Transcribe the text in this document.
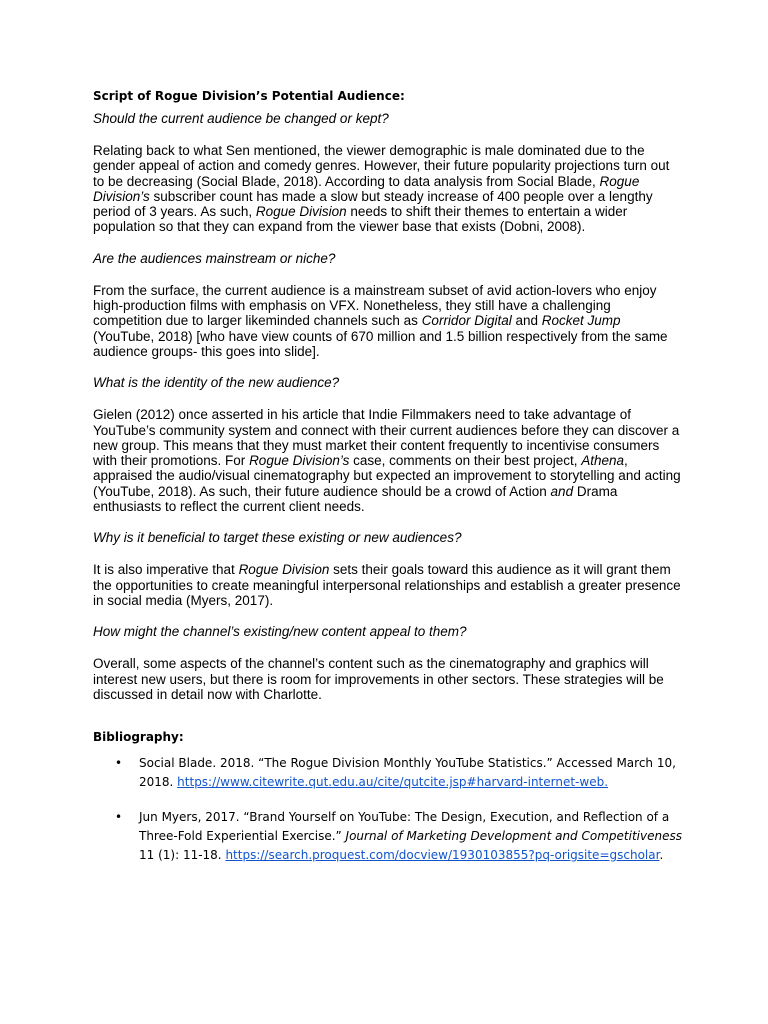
Script of Rogue Division’s Potential Audience:
Should the current audience be changed or kept?
Relating back to what Sen mentioned, the viewer demographic is male dominated due to the gender appeal of action and comedy genres. However, their future popularity projections turn out to be decreasing (Social Blade, 2018). According to data analysis from Social Blade, Rogue Division’s subscriber count has made a slow but steady increase of 400 people over a lengthy period of 3 years. As such, Rogue Division needs to shift their themes to entertain a wider population so that they can expand from the viewer base that exists (Dobni, 2008).
Are the audiences mainstream or niche?
From the surface, the current audience is a mainstream subset of avid action-lovers who enjoy high-production films with emphasis on VFX. Nonetheless, they still have a challenging competition due to larger likeminded channels such as Corridor Digital and Rocket Jump (YouTube, 2018) [who have view counts of 670 million and 1.5 billion respectively from the same audience groups- this goes into slide].
What is the identity of the new audience?
Gielen (2012) once asserted in his article that Indie Filmmakers need to take advantage of YouTube’s community system and connect with their current audiences before they can discover a new group. This means that they must market their content frequently to incentivise consumers with their promotions. For Rogue Division’s case, comments on their best project, Athena, appraised the audio/visual cinematography but expected an improvement to storytelling and acting (YouTube, 2018). As such, their future audience should be a crowd of Action and Drama enthusiasts to reflect the current client needs.
Why is it beneficial to target these existing or new audiences?
It is also imperative that Rogue Division sets their goals toward this audience as it will grant them the opportunities to create meaningful interpersonal relationships and establish a greater presence in social media (Myers, 2017).
How might the channel’s existing/new content appeal to them?
Overall, some aspects of the channel’s content such as the cinematography and graphics will interest new users, but there is room for improvements in other sectors. These strategies will be discussed in detail now with Charlotte.
Bibliography:
• Social Blade. 2018. “The Rogue Division Monthly YouTube Statistics.” Accessed March 10, 2018. https://www.citewrite.qut.edu.au/cite/qutcite.jsp#harvard-internet-web.
• Jun Myers, 2017. “Brand Yourself on YouTube: The Design, Execution, and Reflection of a Three-Fold Experiential Exercise.” Journal of Marketing Development and Competitiveness 11 (1): 11-18. https://search.proquest.com/docview/1930103855?pq-origsite=gscholar.
